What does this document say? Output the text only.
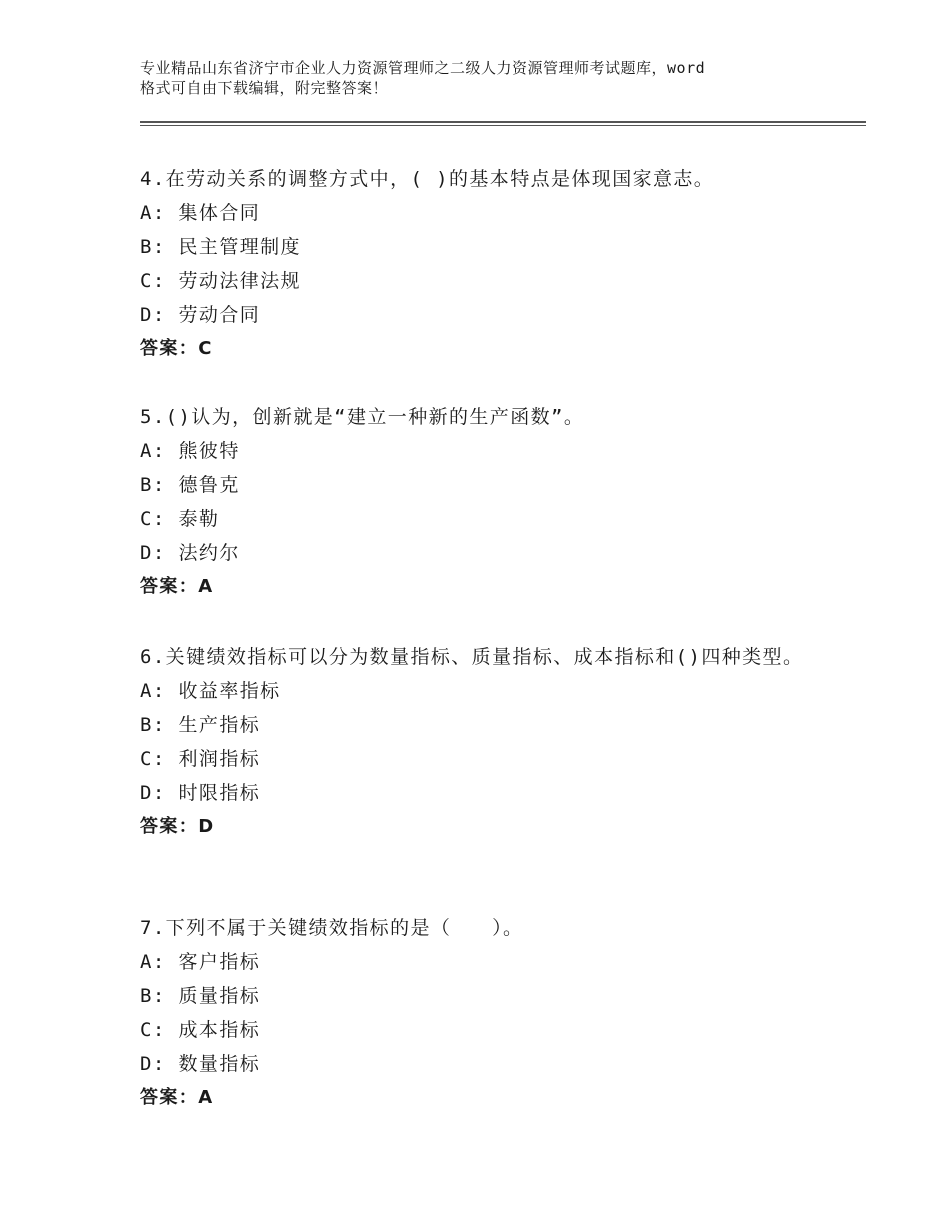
专业精品山东省济宁市企业人力资源管理师之二级人力资源管理师考试题库，word
格式可自由下载编辑，附完整答案！
4.在劳动关系的调整方式中，( )的基本特点是体现国家意志。
A: 集体合同
B: 民主管理制度
C: 劳动法律法规
D: 劳动合同
答案：C
5.()认为，创新就是“建立一种新的生产函数”。
A: 熊彼特
B: 德鲁克
C: 泰勒
D: 法约尔
答案：A
6.关键绩效指标可以分为数量指标、质量指标、成本指标和()四种类型。
A: 收益率指标
B: 生产指标
C: 利润指标
D: 时限指标
答案：D
7.下列不属于关键绩效指标的是（　　）。
A: 客户指标
B: 质量指标
C: 成本指标
D: 数量指标
答案：A
